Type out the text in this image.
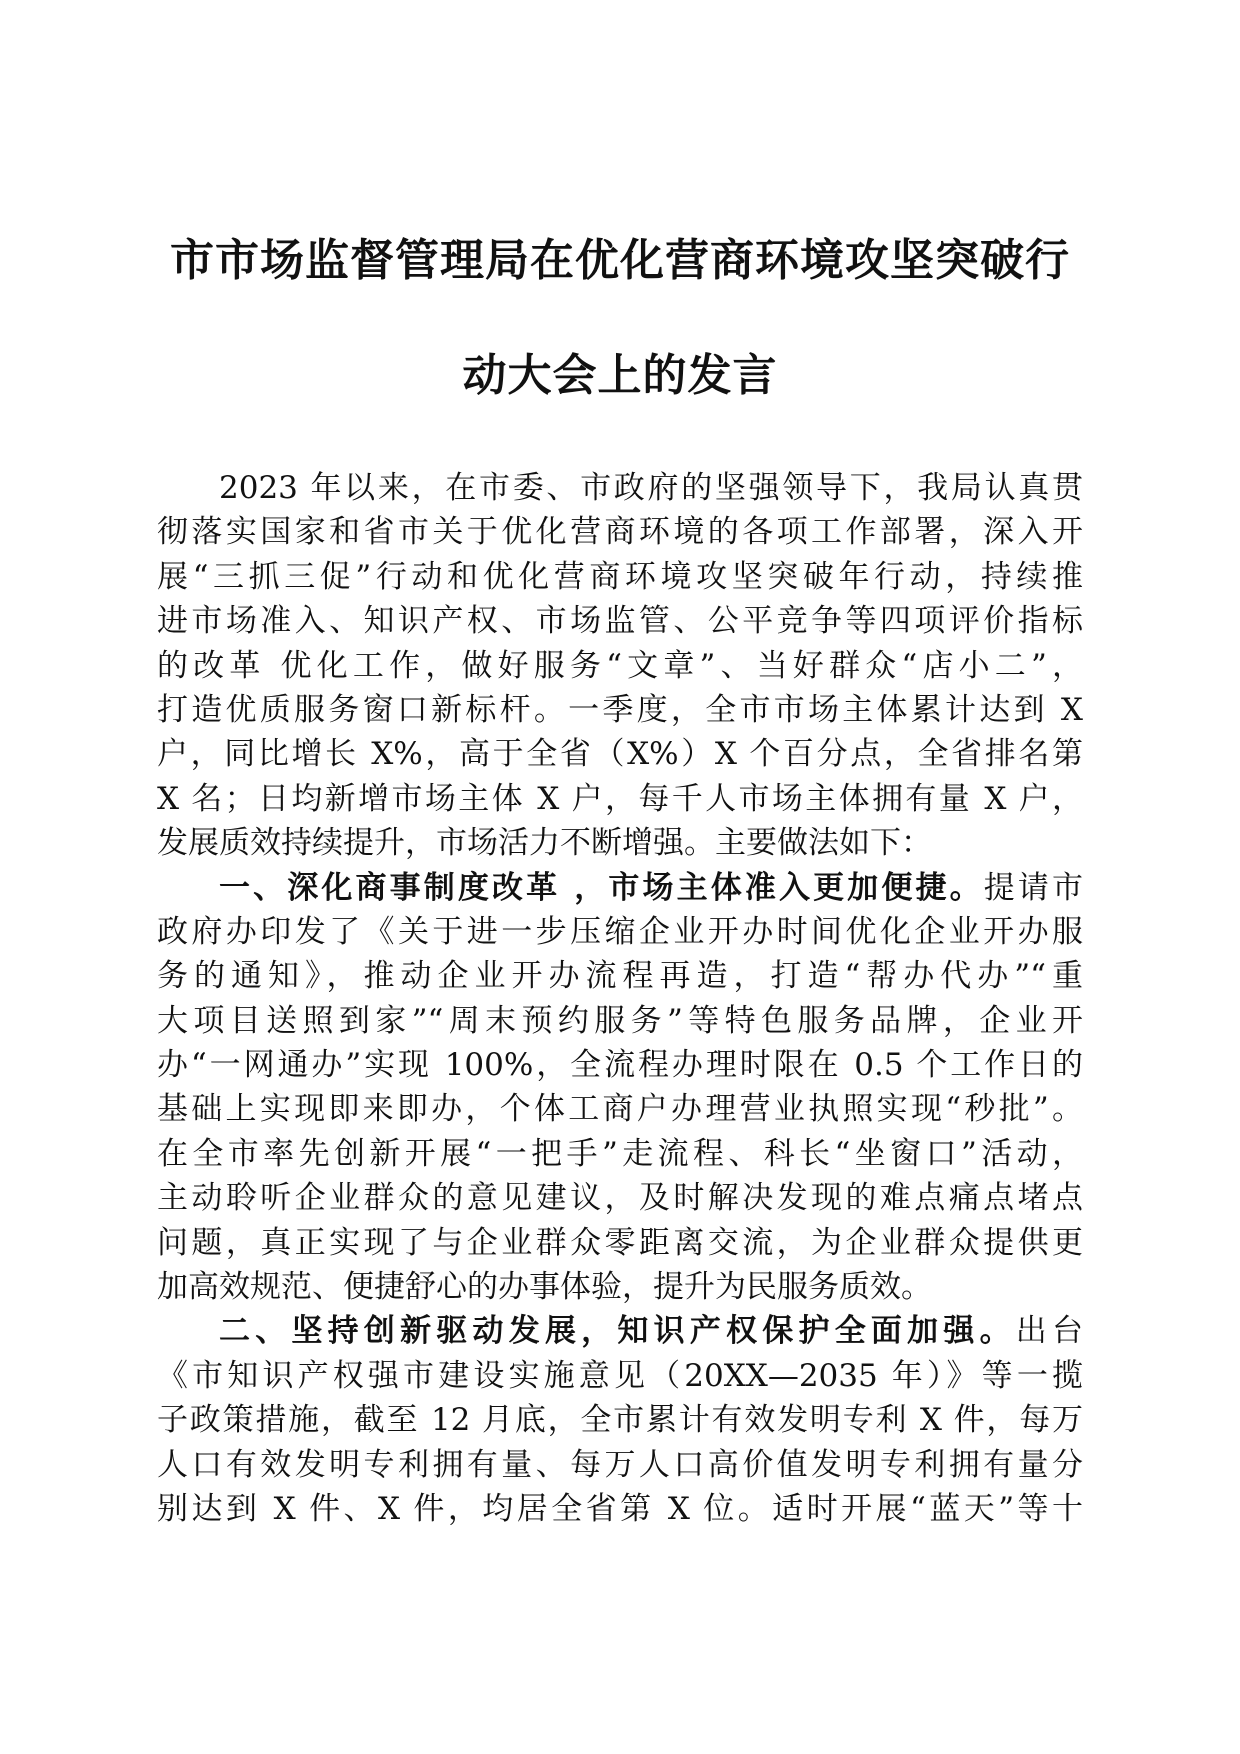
市市场监督管理局在优化营商环境攻坚突破行
动大会上的发言
2023 年以来，在市委、市政府的坚强领导下，我局认真贯
彻落实国家和省市关于优化营商环境的各项工作部署，深入开
展“三抓三促”行动和优化营商环境攻坚突破年行动，持续推
进市场准入、知识产权、市场监管、公平竞争等四项评价指标
的改革 优化工作，做好服务“文章”、当好群众“店小二”，
打造优质服务窗口新标杆。一季度，全市市场主体累计达到 X
户，同比增长 X%，高于全省（X%）X 个百分点，全省排名第
X 名；日均新增市场主体 X 户，每千人市场主体拥有量 X 户，
发展质效持续提升，市场活力不断增强。主要做法如下：
一、深化商事制度改革 ，市场主体准入更加便捷。提请市
政府办印发了《关于进一步压缩企业开办时间优化企业开办服
务的通知》，推动企业开办流程再造，打造“帮办代办”“重
大项目送照到家”“周末预约服务”等特色服务品牌，企业开
办“一网通办”实现 100%，全流程办理时限在 0.5 个工作日的
基础上实现即来即办，个体工商户办理营业执照实现“秒批”。
在全市率先创新开展“一把手”走流程、科长“坐窗口”活动，
主动聆听企业群众的意见建议，及时解决发现的难点痛点堵点
问题，真正实现了与企业群众零距离交流，为企业群众提供更
加高效规范、便捷舒心的办事体验，提升为民服务质效。
二、坚持创新驱动发展，知识产权保护全面加强。出台
《市知识产权强市建设实施意见（20XX—2035 年）》等一揽
子政策措施，截至 12 月底，全市累计有效发明专利 X 件，每万
人口有效发明专利拥有量、每万人口高价值发明专利拥有量分
别达到 X 件、X 件，均居全省第 X 位。适时开展“蓝天”等十
